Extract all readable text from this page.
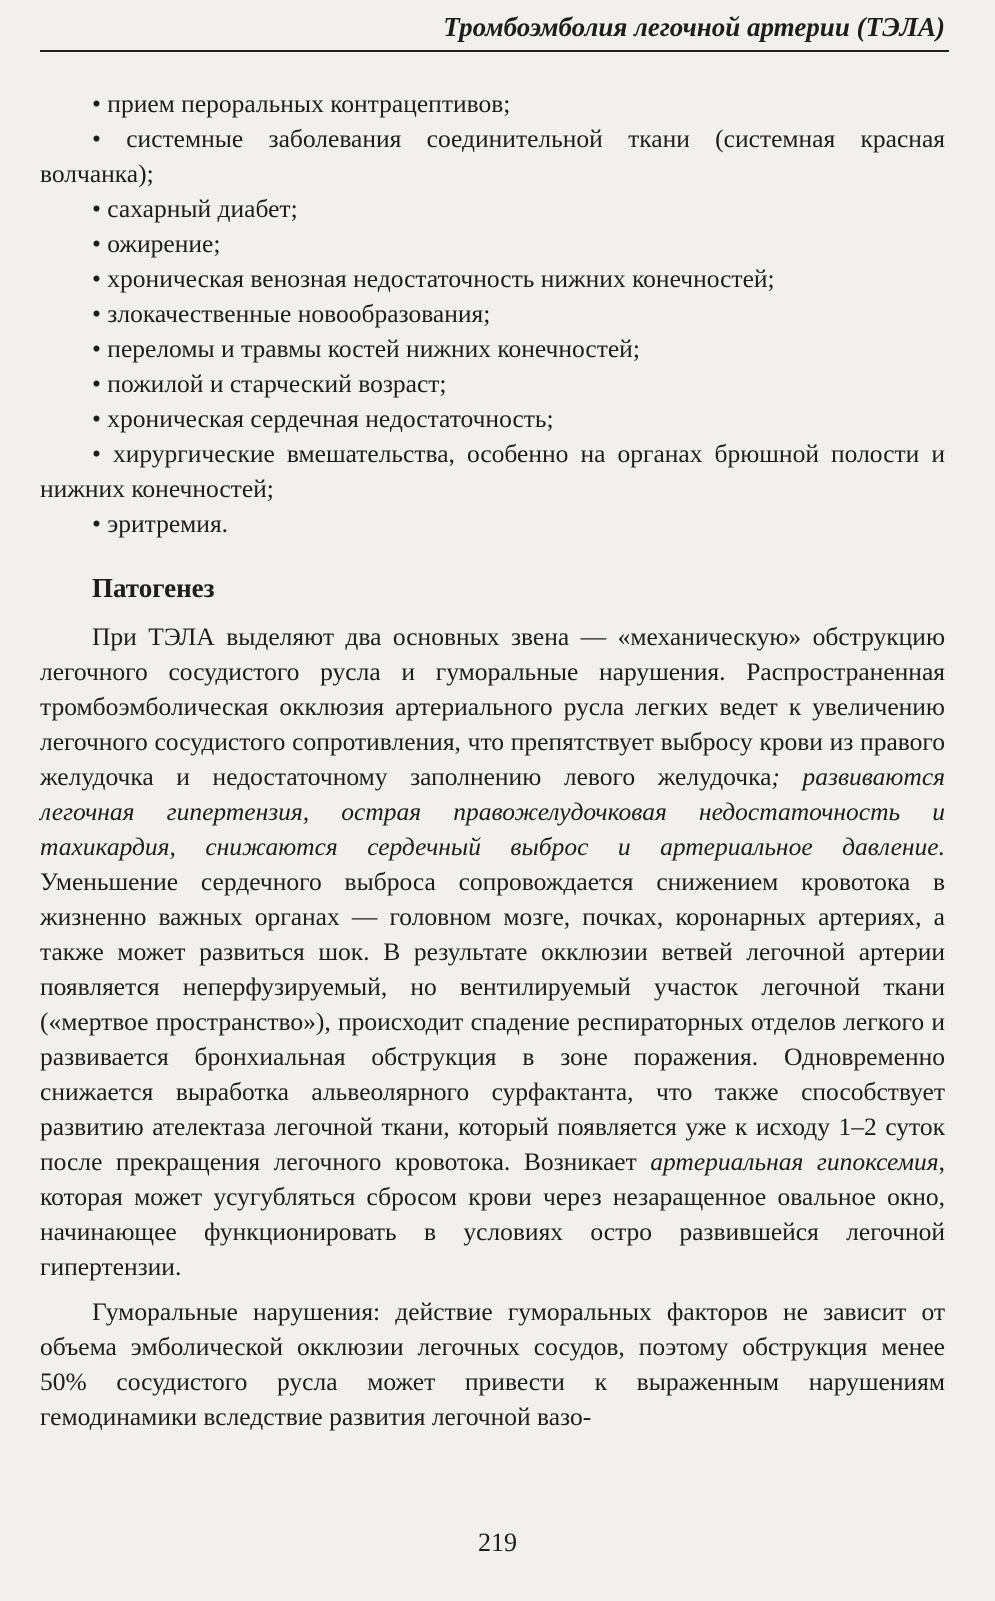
Тромбоэмболия легочной артерии (ТЭЛА)

• прием пероральных контрацептивов;

• системные заболевания соединительной ткани (системная красная волчанка);

• сахарный диабет;

• ожирение;

• хроническая венозная недостаточность нижних конечностей;

• злокачественные новообразования;

• переломы и травмы костей нижних конечностей;

• пожилой и старческий возраст;

• хроническая сердечная недостаточность;

• хирургические вмешательства, особенно на органах брюшной полости и нижних конечностей;

• эритремия.

Патогенез

При ТЭЛА выделяют два основных звена — «механическую» обструкцию легочного сосудистого русла и гуморальные нарушения. Распространенная тромбоэмболическая окклюзия артериального русла легких ведет к увеличению легочного сосудистого сопротивления, что препятствует выбросу крови из правого желудочка и недостаточному заполнению левого желудочка; развиваются легочная гипертензия, острая правожелудочковая недостаточность и тахикардия, снижаются сердечный выброс и артериальное давление. Уменьшение сердечного выброса сопровождается снижением кровотока в жизненно важных органах — головном мозге, почках, коронарных артериях, а также может развиться шок. В результате окклюзии ветвей легочной артерии появляется неперфузируемый, но вентилируемый участок легочной ткани («мертвое пространство»), происходит спадение респираторных отделов легкого и развивается бронхиальная обструкция в зоне поражения. Одновременно снижается выработка альвеолярного сурфактанта, что также способствует развитию ателектаза легочной ткани, который появляется уже к исходу 1–2 суток после прекращения легочного кровотока. Возникает артериальная гипоксемия, которая может усугубляться сбросом крови через незаращенное овальное окно, начинающее функционировать в условиях остро развившейся легочной гипертензии.

Гуморальные нарушения: действие гуморальных факторов не зависит от объема эмболической окклюзии легочных сосудов, поэтому обструкция менее 50% сосудистого русла может привести к выраженным нарушениям гемодинамики вследствие развития легочной вазо-

219
